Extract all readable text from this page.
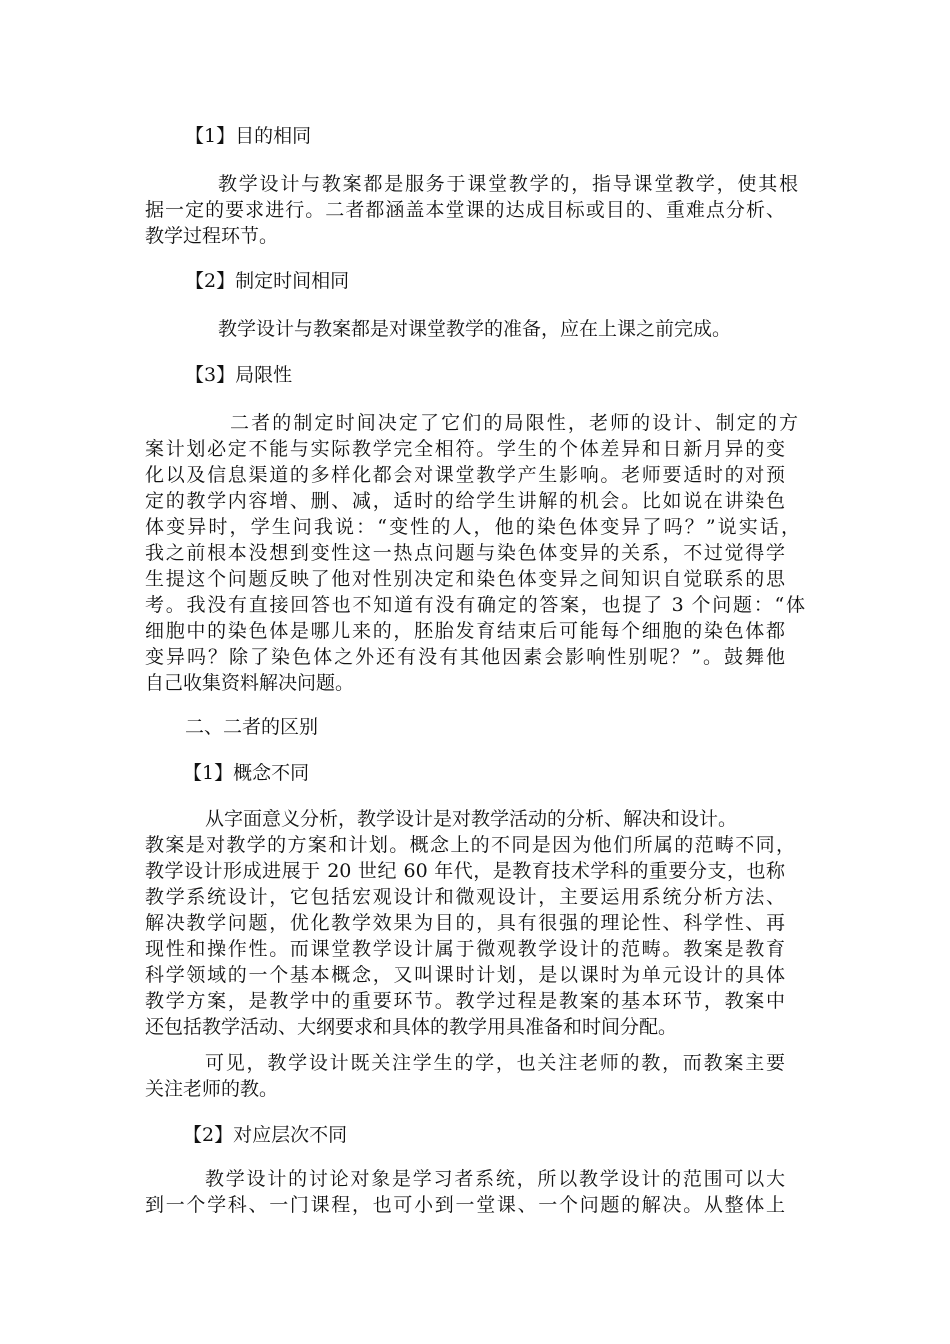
【1】目的相同
教学设计与教案都是服务于课堂教学的，指导课堂教学，使其根
据一定的要求进行。二者都涵盖本堂课的达成目标或目的、重难点分析、
教学过程环节。
【2】制定时间相同
教学设计与教案都是对课堂教学的准备，应在上课之前完成。
【3】局限性
二者的制定时间决定了它们的局限性，老师的设计、制定的方
案计划必定不能与实际教学完全相符。学生的个体差异和日新月异的变
化以及信息渠道的多样化都会对课堂教学产生影响。老师要适时的对预
定的教学内容增、删、减，适时的给学生讲解的机会。比如说在讲染色
体变异时，学生问我说：“变性的人，他的染色体变异了吗？”说实话，
我之前根本没想到变性这一热点问题与染色体变异的关系，不过觉得学
生提这个问题反映了他对性别决定和染色体变异之间知识自觉联系的思
考。我没有直接回答也不知道有没有确定的答案，也提了 3 个问题：“体
细胞中的染色体是哪儿来的，胚胎发育结束后可能每个细胞的染色体都
变异吗？除了染色体之外还有没有其他因素会影响性别呢？”。鼓舞他
自己收集资料解决问题。
二、二者的区别
【1】概念不同
从字面意义分析，教学设计是对教学活动的分析、解决和设计。
教案是对教学的方案和计划。概念上的不同是因为他们所属的范畴不同，
教学设计形成进展于 20 世纪 60 年代，是教育技术学科的重要分支，也称
教学系统设计，它包括宏观设计和微观设计，主要运用系统分析方法、
解决教学问题，优化教学效果为目的，具有很强的理论性、科学性、再
现性和操作性。而课堂教学设计属于微观教学设计的范畴。教案是教育
科学领域的一个基本概念，又叫课时计划，是以课时为单元设计的具体
教学方案，是教学中的重要环节。教学过程是教案的基本环节，教案中
还包括教学活动、大纲要求和具体的教学用具准备和时间分配。
可见，教学设计既关注学生的学，也关注老师的教，而教案主要
关注老师的教。
【2】对应层次不同
教学设计的讨论对象是学习者系统，所以教学设计的范围可以大
到一个学科、一门课程，也可小到一堂课、一个问题的解决。从整体上
